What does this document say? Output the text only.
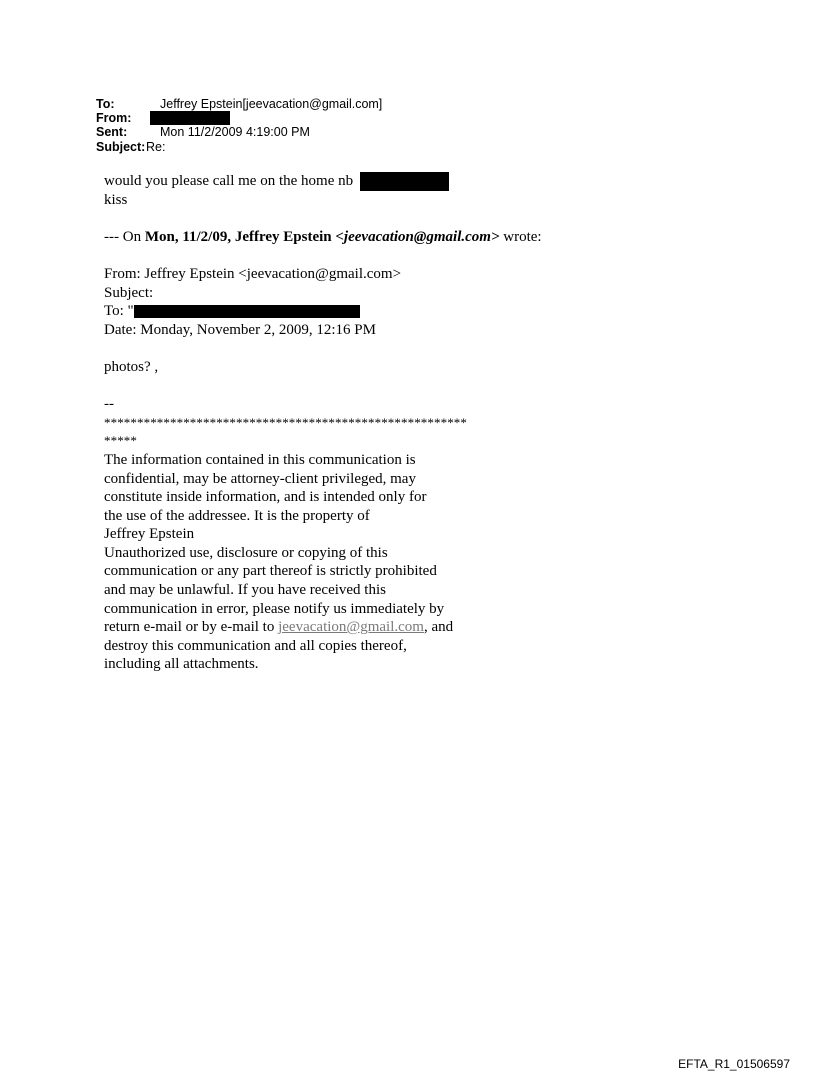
To:	Jeffrey Epstein[jeevacation@gmail.com]
From:
Sent:	Mon 11/2/2009 4:19:00 PM
Subject: Re:
would you please call me on the home nb
kiss
--- On Mon, 11/2/09, Jeffrey Epstein <jeevacation@gmail.com> wrote:
From: Jeffrey Epstein <jeevacation@gmail.com>
Subject:
To: "
Date: Monday, November 2, 2009, 12:16 PM
photos? ,
--
*******************************************************
*****
The information contained in this communication is
confidential, may be attorney-client privileged, may
constitute inside information, and is intended only for
the use of the addressee. It is the property of
Jeffrey Epstein
Unauthorized use, disclosure or copying of this
communication or any part thereof is strictly prohibited
and may be unlawful. If you have received this
communication in error, please notify us immediately by
return e-mail or by e-mail to jeevacation@gmail.com, and
destroy this communication and all copies thereof,
including all attachments.
EFTA_R1_01506597
